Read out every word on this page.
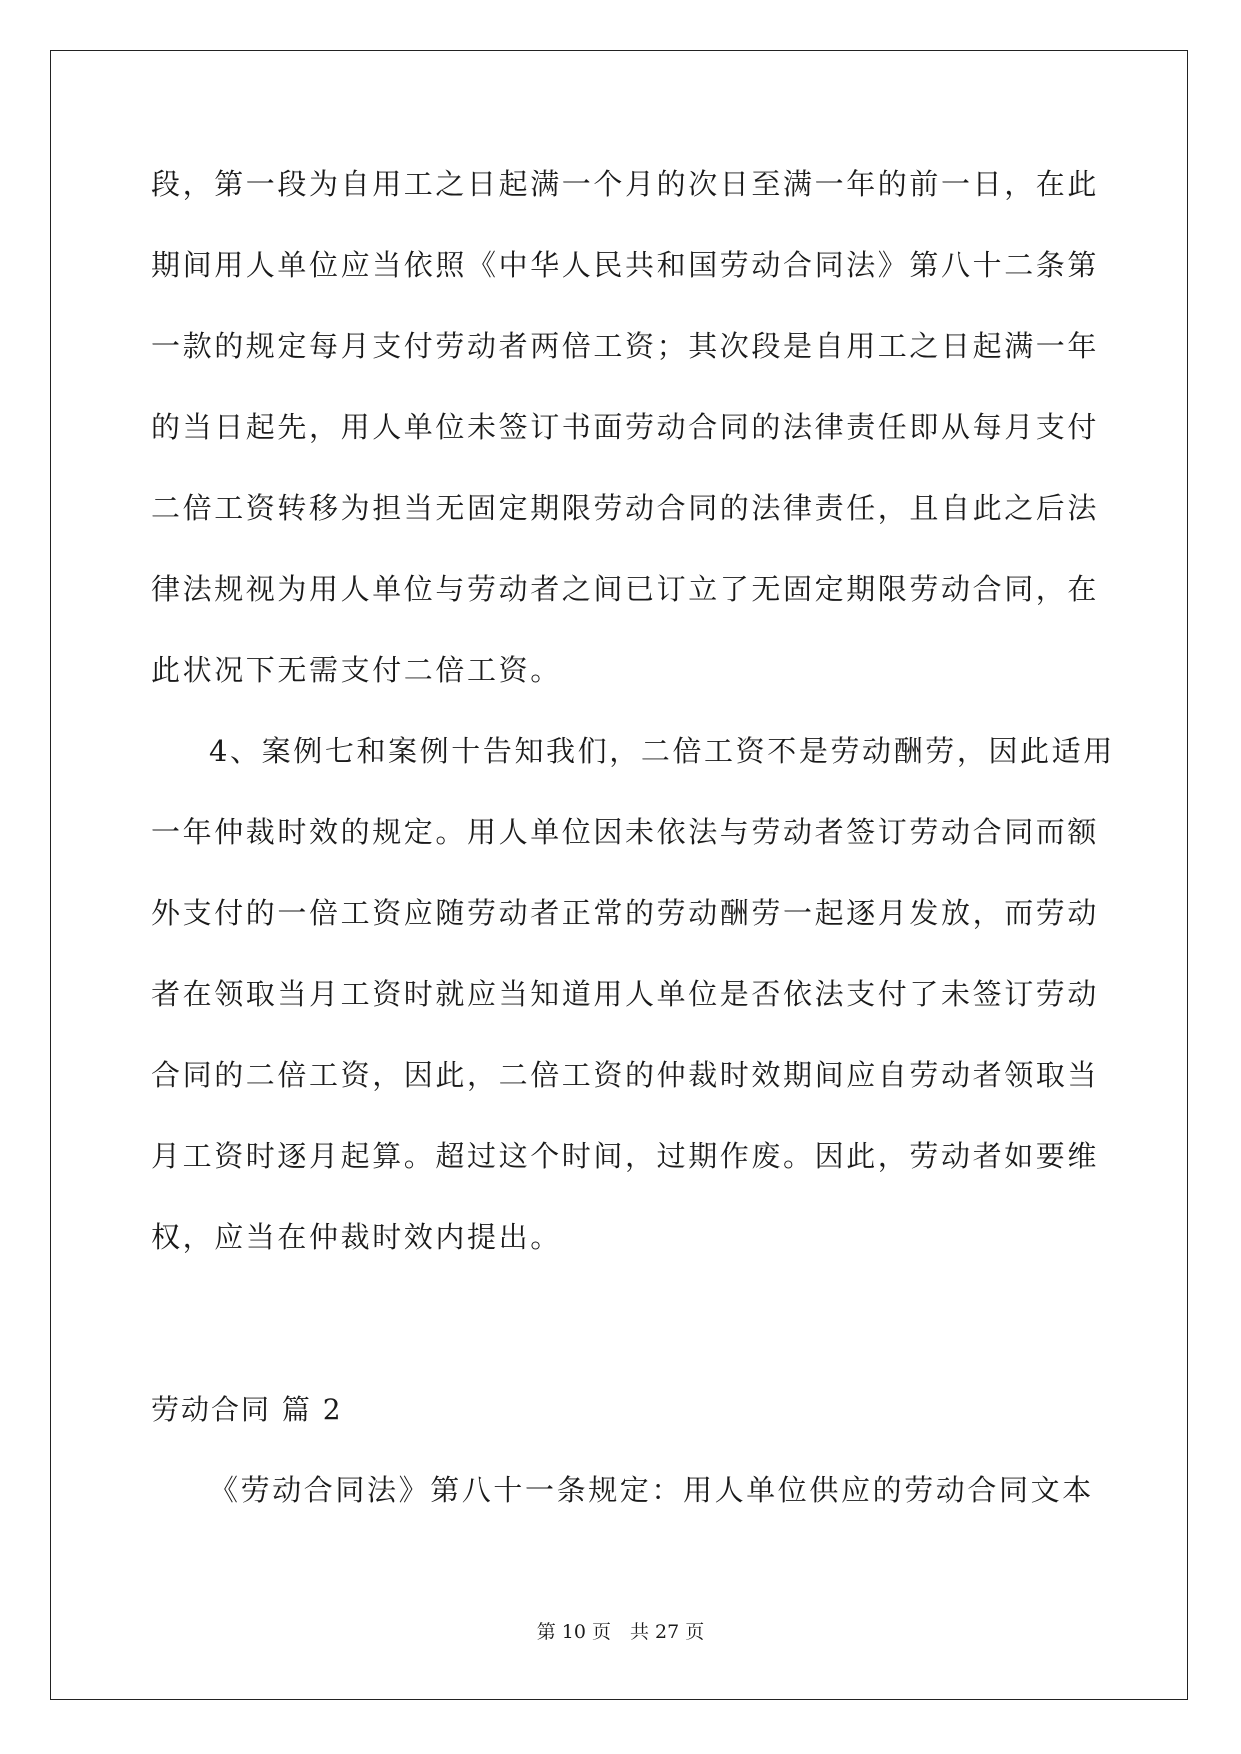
段，第一段为自用工之日起满一个月的次日至满一年的前一日，在此
期间用人单位应当依照《中华人民共和国劳动合同法》第八十二条第
一款的规定每月支付劳动者两倍工资；其次段是自用工之日起满一年
的当日起先，用人单位未签订书面劳动合同的法律责任即从每月支付
二倍工资转移为担当无固定期限劳动合同的法律责任，且自此之后法
律法规视为用人单位与劳动者之间已订立了无固定期限劳动合同，在
此状况下无需支付二倍工资。
4、案例七和案例十告知我们，二倍工资不是劳动酬劳，因此适用
一年仲裁时效的规定。用人单位因未依法与劳动者签订劳动合同而额
外支付的一倍工资应随劳动者正常的劳动酬劳一起逐月发放，而劳动
者在领取当月工资时就应当知道用人单位是否依法支付了未签订劳动
合同的二倍工资，因此，二倍工资的仲裁时效期间应自劳动者领取当
月工资时逐月起算。超过这个时间，过期作废。因此，劳动者如要维
权，应当在仲裁时效内提出。
劳动合同 篇 2
《劳动合同法》第八十一条规定：用人单位供应的劳动合同文本
第 10 页　共 27 页
